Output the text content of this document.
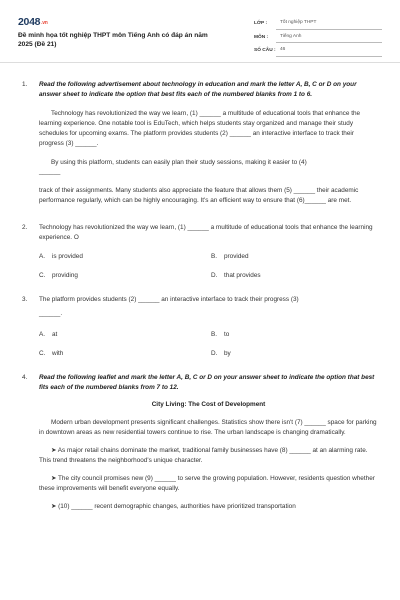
2048.vn
Đề minh họa tốt nghiệp THPT môn Tiếng Anh có đáp án năm 2025 (Đề 21)
LỚP :	Tốt nghiệp THPT
MÔN :	Tiếng Anh
SỐ CÂU : 46
1. Read the following advertisement about technology in education and mark the letter A, B, C or D on your answer sheet to indicate the option that best fits each of the numbered blanks from 1 to 6.

Technology has revolutionized the way we learn, (1) ______ a multitude of educational tools that enhance the learning experience. One notable tool is EduTech, which helps students stay organized and manage their study schedules for upcoming exams. The platform provides students (2) ______ an interactive interface to track their progress (3) ______.

By using this platform, students can easily plan their study sessions, making it easier to (4)

______

track of their assignments. Many students also appreciate the feature that allows them (5) ______ their academic performance regularly, which can be highly encouraging. It's an efficient way to ensure that (6)______ are met.

2. Technology has revolutionized the way we learn, (1) ______ a multitude of educational tools that enhance the learning experience. O
A.	is provided	B.	provided
C.	providing	D.	that provides
3. The platform provides students (2) ______ an interactive interface to track their progress (3)
______.
A.	at	B.	to
C.	with	D.	by
4. Read the following leaflet and mark the letter A, B, C or D on your answer sheet to indicate the option that best fits each of the numbered blanks from 7 to 12.
City Living: The Cost of Development

Modern urban development presents significant challenges. Statistics show there isn't (7) ______ space for parking in downtown areas as new residential towers continue to rise. The urban landscape is changing dramatically.

➤ As major retail chains dominate the market, traditional family businesses have (8) ______ at an alarming rate. This trend threatens the neighborhood's unique character.

➤ The city council promises new (9) ______ to serve the growing population. However, residents question whether these improvements will benefit everyone equally.

➤ (10) ______ recent demographic changes, authorities have prioritized transportation
